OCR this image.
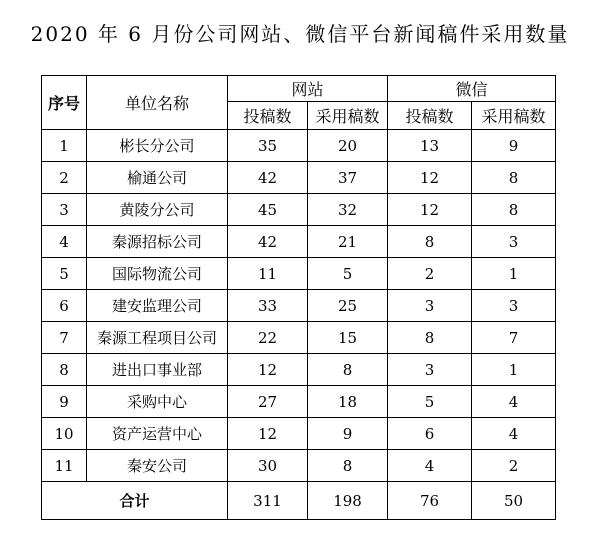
2020 年 6 月份公司网站、微信平台新闻稿件采用数量
序号	单位名称	网站		微信	
		投稿数	采用稿数	投稿数	采用稿数
1	彬长分公司	35	20	13	9
2	榆通公司	42	37	12	8
3	黄陵分公司	45	32	12	8
4	秦源招标公司	42	21	8	3
5	国际物流公司	11	5	2	1
6	建安监理公司	33	25	3	3
7	秦源工程项目公司	22	15	8	7
8	进出口事业部	12	8	3	1
9	采购中心	27	18	5	4
10	资产运营中心	12	9	6	4
11	秦安公司	30	8	4	2
合计		311	198	76	50
